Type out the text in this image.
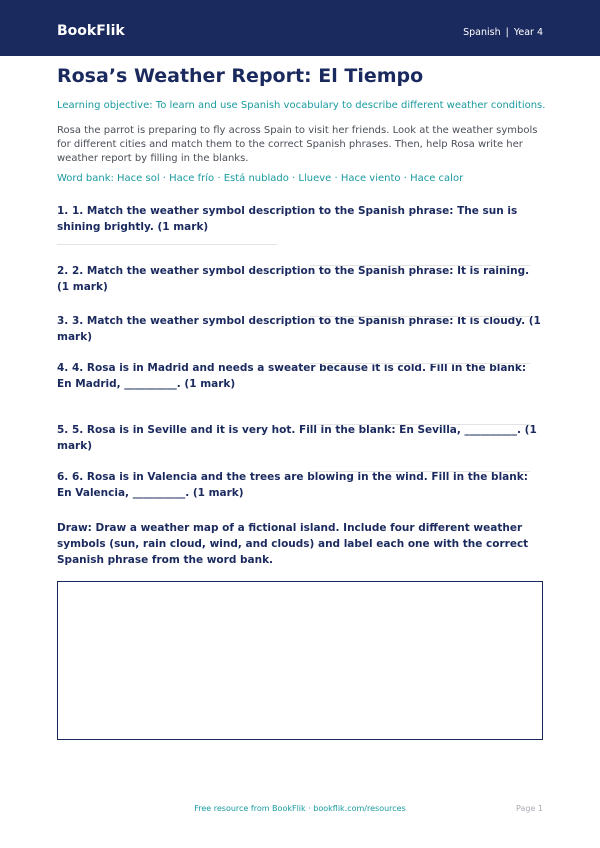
BookFlik	Spanish | Year 4
Rosa’s Weather Report: El Tiempo
Learning objective: To learn and use Spanish vocabulary to describe different weather conditions.
Rosa the parrot is preparing to fly across Spain to visit her friends. Look at the weather symbols for different cities and match them to the correct Spanish phrases. Then, help Rosa write her weather report by filling in the blanks.
Word bank: Hace sol · Hace frío · Está nublado · Llueve · Hace viento · Hace calor
1. 1. Match the weather symbol description to the Spanish phrase: The sun is shining brightly. (1 mark)
2. 2. Match the weather symbol description to the Spanish phrase: It is raining. (1 mark)
3. 3. Match the weather symbol description to the Spanish phrase: It is cloudy. (1 mark)
4. 4. Rosa is in Madrid and needs a sweater because it is cold. Fill in the blank: En Madrid, __________. (1 mark)
5. 5. Rosa is in Seville and it is very hot. Fill in the blank: En Sevilla, __________. (1 mark)
6. 6. Rosa is in Valencia and the trees are blowing in the wind. Fill in the blank: En Valencia, __________. (1 mark)
Draw: Draw a weather map of a fictional island. Include four different weather symbols (sun, rain cloud, wind, and clouds) and label each one with the correct Spanish phrase from the word bank.
Free resource from BookFlik · bookflik.com/resources	Page 1
